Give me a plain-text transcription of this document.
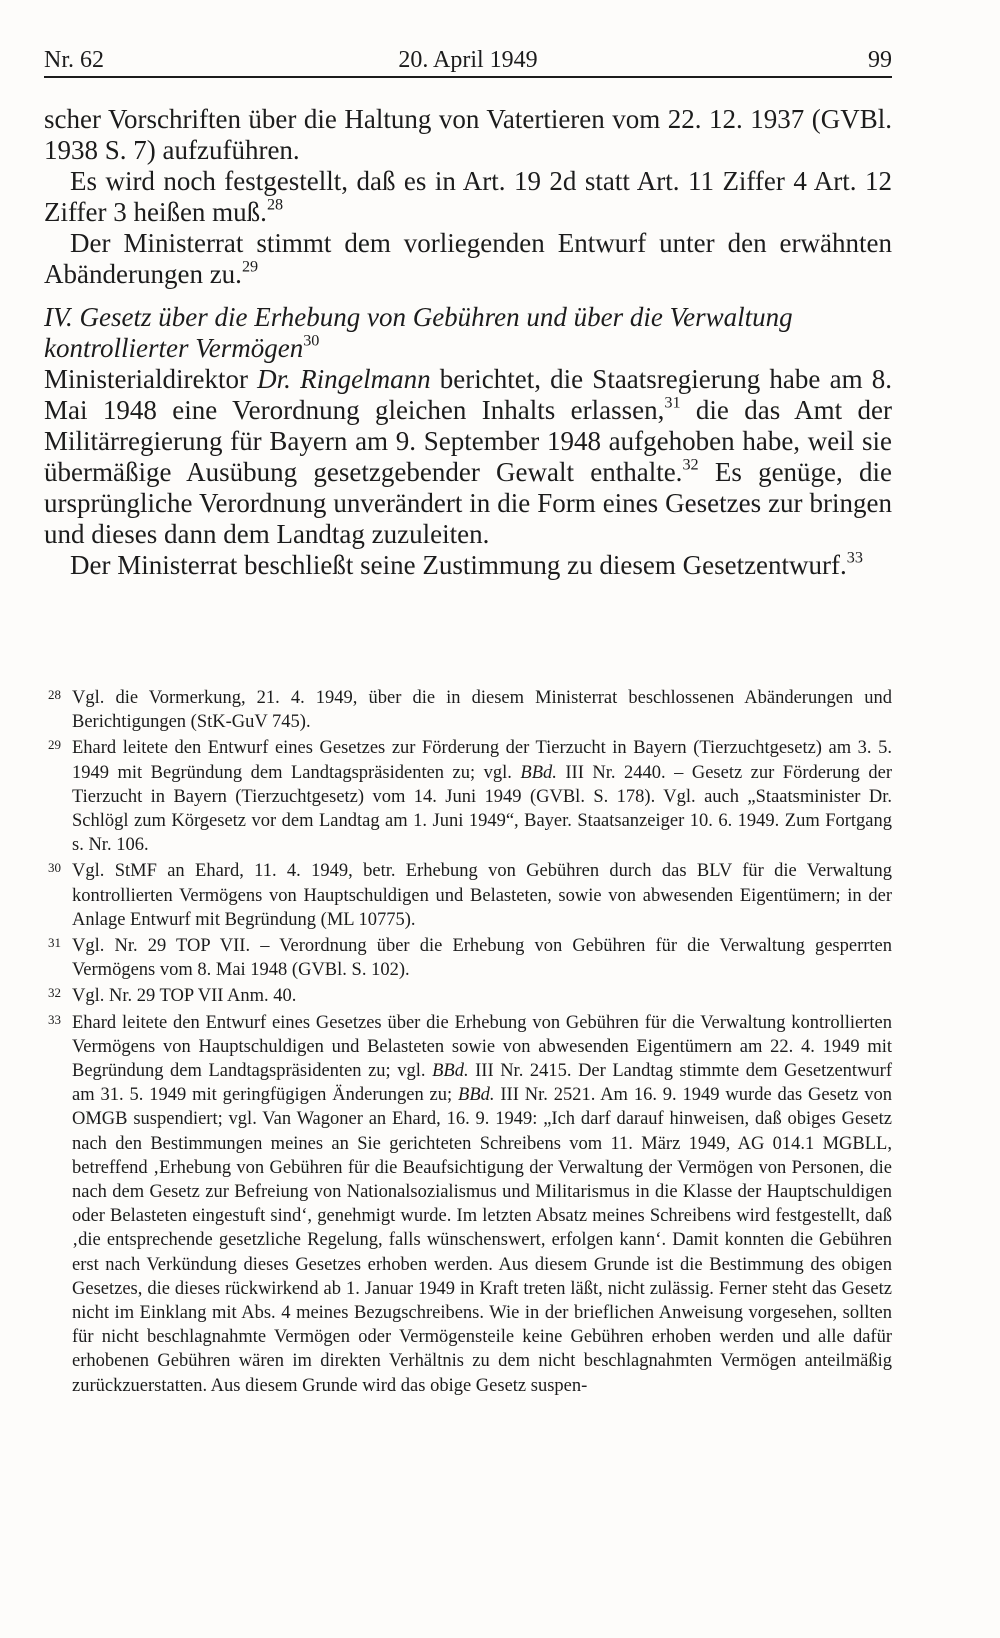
Nr. 62	20. April 1949	99

scher Vorschriften über die Haltung von Vatertieren vom 22. 12. 1937 (GVBl. 1938 S. 7) aufzuführen.

Es wird noch festgestellt, daß es in Art. 19 2d statt Art. 11 Ziffer 4 Art. 12 Ziffer 3 heißen muß.$^{28}$

Der Ministerrat stimmt dem vorliegenden Entwurf unter den erwähnten Abänderungen zu.$^{29}$

IV. Gesetz über die Erhebung von Gebühren und über die Verwaltung kontrollierter Vermögen$^{30}$

Ministerialdirektor Dr. Ringelmann berichtet, die Staatsregierung habe am 8. Mai 1948 eine Verordnung gleichen Inhalts erlassen,$^{31}$ die das Amt der Militärregierung für Bayern am 9. September 1948 aufgehoben habe, weil sie übermäßige Ausübung gesetzgebender Gewalt enthalte.$^{32}$ Es genüge, die ursprüngliche Verordnung unverändert in die Form eines Gesetzes zur bringen und dieses dann dem Landtag zuzuleiten.

Der Ministerrat beschließt seine Zustimmung zu diesem Gesetzentwurf.$^{33}$

28 Vgl. die Vormerkung, 21. 4. 1949, über die in diesem Ministerrat beschlossenen Abänderungen und Berichtigungen (StK-GuV 745).
29 Ehard leitete den Entwurf eines Gesetzes zur Förderung der Tierzucht in Bayern (Tierzuchtgesetz) am 3. 5. 1949 mit Begründung dem Landtagspräsidenten zu; vgl. BBd. III Nr. 2440. – Gesetz zur Förderung der Tierzucht in Bayern (Tierzuchtgesetz) vom 14. Juni 1949 (GVBl. S. 178). Vgl. auch „Staatsminister Dr. Schlögl zum Körgesetz vor dem Landtag am 1. Juni 1949“, Bayer. Staatsanzeiger 10. 6. 1949. Zum Fortgang s. Nr. 106.
30 Vgl. StMF an Ehard, 11. 4. 1949, betr. Erhebung von Gebühren durch das BLV für die Verwaltung kontrollierten Vermögens von Hauptschuldigen und Belasteten, sowie von abwesenden Eigentümern; in der Anlage Entwurf mit Begründung (ML 10775).
31 Vgl. Nr. 29 TOP VII. – Verordnung über die Erhebung von Gebühren für die Verwaltung gesperrten Vermögens vom 8. Mai 1948 (GVBl. S. 102).
32 Vgl. Nr. 29 TOP VII Anm. 40.
33 Ehard leitete den Entwurf eines Gesetzes über die Erhebung von Gebühren für die Verwaltung kontrollierten Vermögens von Hauptschuldigen und Belasteten sowie von abwesenden Eigentümern am 22. 4. 1949 mit Begründung dem Landtagspräsidenten zu; vgl. BBd. III Nr. 2415. Der Landtag stimmte dem Gesetzentwurf am 31. 5. 1949 mit geringfügigen Änderungen zu; BBd. III Nr. 2521. Am 16. 9. 1949 wurde das Gesetz von OMGB suspendiert; vgl. Van Wagoner an Ehard, 16. 9. 1949: „Ich darf darauf hinweisen, daß obiges Gesetz nach den Bestimmungen meines an Sie gerichteten Schreibens vom 11. März 1949, AG 014.1 MGBLL, betreffend ‚Erhebung von Gebühren für die Beaufsichtigung der Verwaltung der Vermögen von Personen, die nach dem Gesetz zur Befreiung von Nationalsozialismus und Militarismus in die Klasse der Hauptschuldigen oder Belasteten eingestuft sind‘, genehmigt wurde. Im letzten Absatz meines Schreibens wird festgestellt, daß ‚die entsprechende gesetzliche Regelung, falls wünschenswert, erfolgen kann‘. Damit konnten die Gebühren erst nach Verkündung dieses Gesetzes erhoben werden. Aus diesem Grunde ist die Bestimmung des obigen Gesetzes, die dieses rückwirkend ab 1. Januar 1949 in Kraft treten läßt, nicht zulässig. Ferner steht das Gesetz nicht im Einklang mit Abs. 4 meines Bezugschreibens. Wie in der brieflichen Anweisung vorgesehen, sollten für nicht beschlagnahmte Vermögen oder Vermögensteile keine Gebühren erhoben werden und alle dafür erhobenen Gebühren wären im direkten Verhältnis zu dem nicht beschlagnahmten Vermögen anteilmäßig zurückzuerstatten. Aus diesem Grunde wird das obige Gesetz suspen-
